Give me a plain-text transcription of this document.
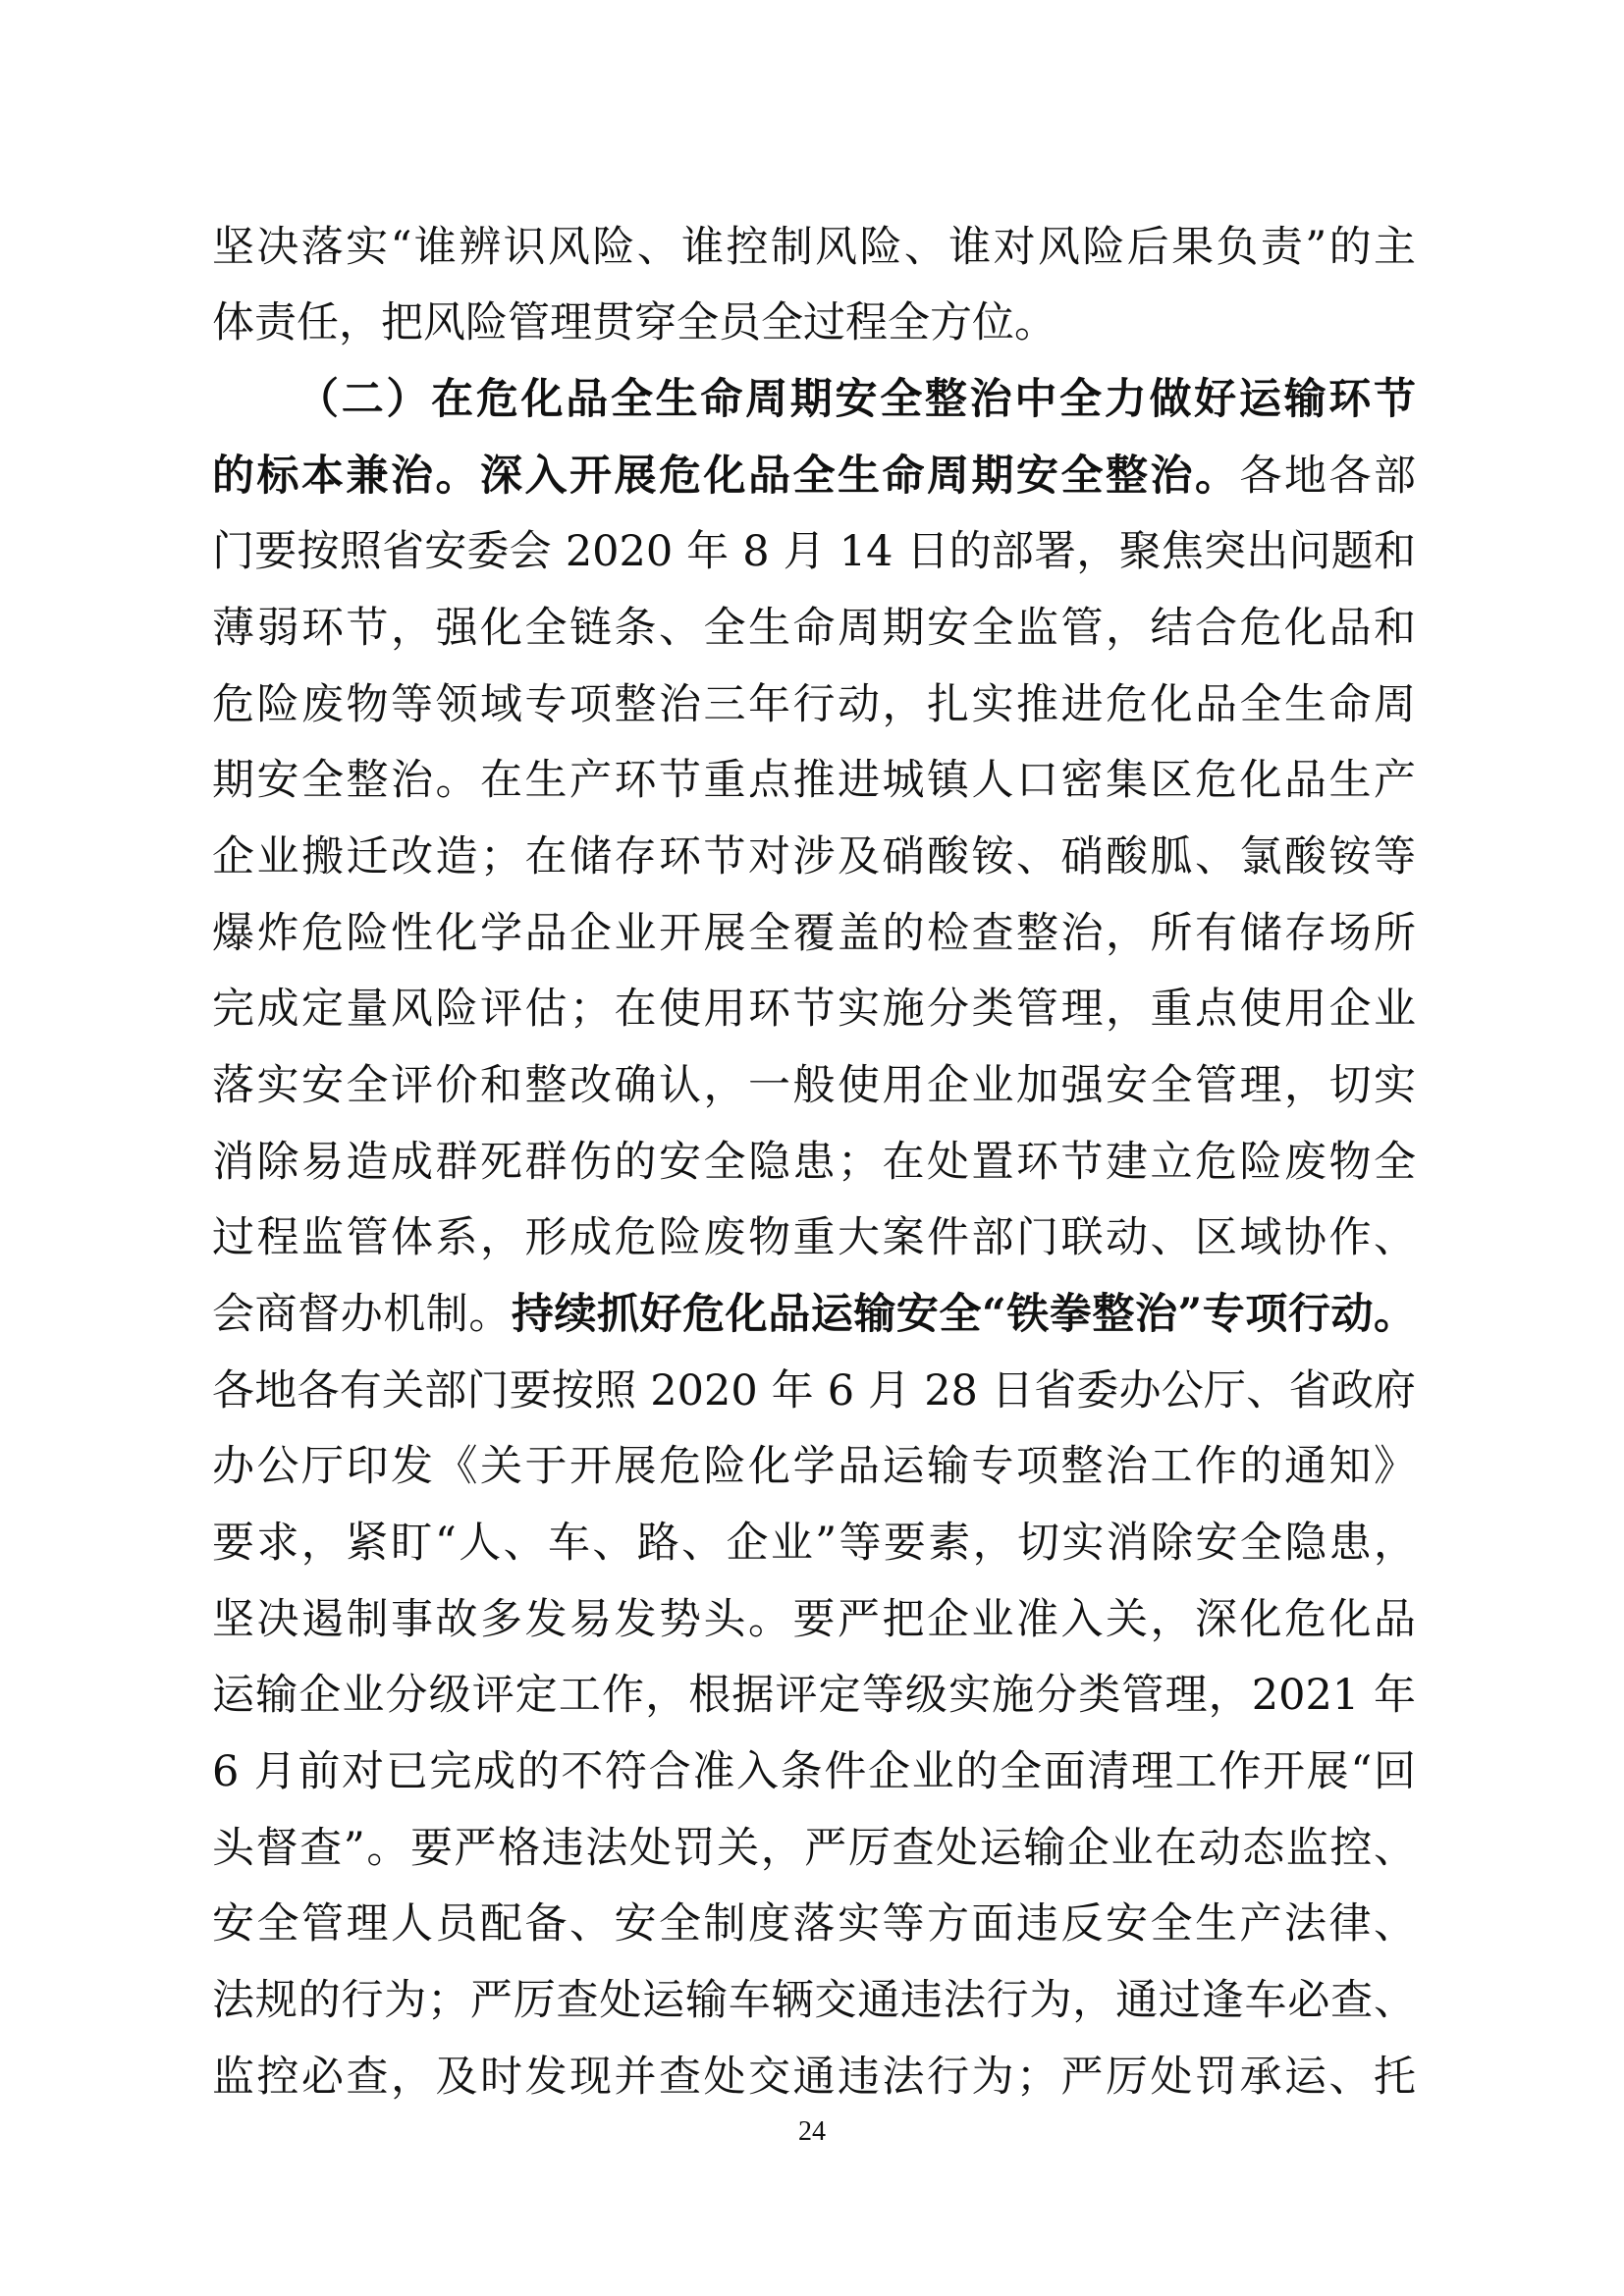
坚决落实“谁辨识风险、谁控制风险、谁对风险后果负责”的主
体责任，把风险管理贯穿全员全过程全方位。
（二）在危化品全生命周期安全整治中全力做好运输环节
的标本兼治。深入开展危化品全生命周期安全整治。各地各部
门要按照省安委会 2020 年 8 月 14 日的部署，聚焦突出问题和
薄弱环节，强化全链条、全生命周期安全监管，结合危化品和
危险废物等领域专项整治三年行动，扎实推进危化品全生命周
期安全整治。在生产环节重点推进城镇人口密集区危化品生产
企业搬迁改造；在储存环节对涉及硝酸铵、硝酸胍、氯酸铵等
爆炸危险性化学品企业开展全覆盖的检查整治，所有储存场所
完成定量风险评估；在使用环节实施分类管理，重点使用企业
落实安全评价和整改确认，一般使用企业加强安全管理，切实
消除易造成群死群伤的安全隐患；在处置环节建立危险废物全
过程监管体系，形成危险废物重大案件部门联动、区域协作、
会商督办机制。持续抓好危化品运输安全“铁拳整治”专项行动。
各地各有关部门要按照 2020 年 6 月 28 日省委办公厅、省政府
办公厅印发《关于开展危险化学品运输专项整治工作的通知》
要求，紧盯“人、车、路、企业”等要素，切实消除安全隐患，
坚决遏制事故多发易发势头。要严把企业准入关，深化危化品
运输企业分级评定工作，根据评定等级实施分类管理，2021 年
6 月前对已完成的不符合准入条件企业的全面清理工作开展“回
头督查”。要严格违法处罚关，严厉查处运输企业在动态监控、
安全管理人员配备、安全制度落实等方面违反安全生产法律、
法规的行为；严厉查处运输车辆交通违法行为，通过逢车必查、
监控必查，及时发现并查处交通违法行为；严厉处罚承运、托
24
